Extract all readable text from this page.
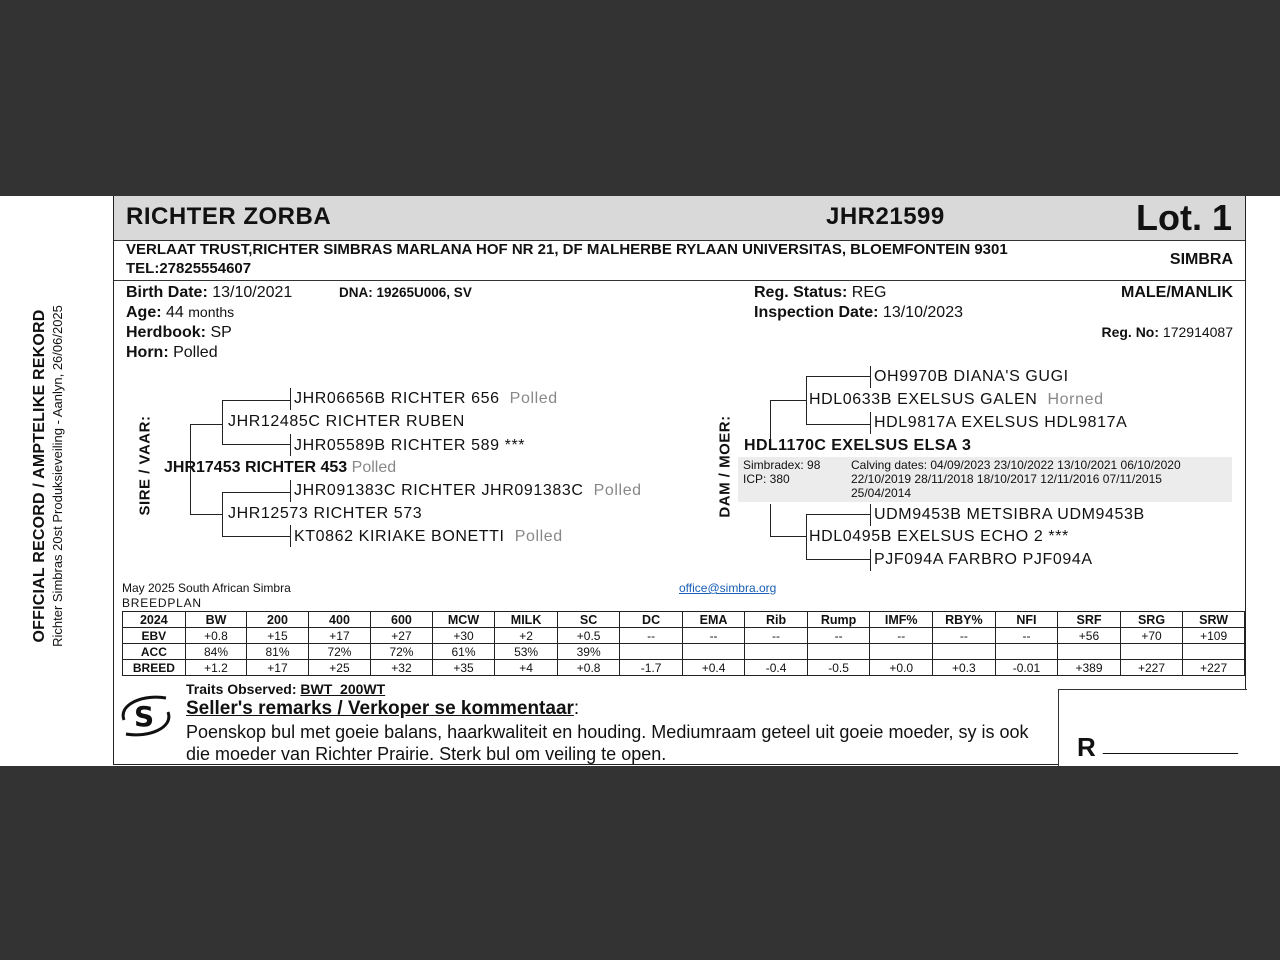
OFFICIAL RECORD / AMPTELIKE REKORD Richter Simbras 20st Produksieveiling - Aanlyn, 26/06/2025
RICHTER ZORBA	JHR21599	Lot. 1
VERLAAT TRUST,RICHTER SIMBRAS MARLANA HOF NR 21, DF MALHERBE RYLAAN UNIVERSITAS, BLOEMFONTEIN 9301 TEL:27825554607
SIMBRA
Birth Date: 13/10/2021	DNA: 19265U006, SV
Age: 44 months
Herdbook: SP
Horn: Polled
Reg. Status: REG
Inspection Date: 13/10/2023
MALE/MANLIK
Reg. No: 172914087
SIRE / VAAR:
JHR06656B RICHTER 656 Polled
JHR12485C RICHTER RUBEN
JHR05589B RICHTER 589 ***
JHR17453 RICHTER 453 Polled
JHR091383C RICHTER JHR091383C Polled
JHR12573 RICHTER 573
KT0862 KIRIAKE BONETTI Polled
DAM / MOER:
OH9970B DIANA'S GUGI
HDL0633B EXELSUS GALEN Horned
HDL9817A EXELSUS HDL9817A
HDL1170C EXELSUS ELSA 3
Simbradex: 98
ICP: 380
Calving dates: 04/09/2023 23/10/2022 13/10/2021 06/10/2020
22/10/2019 28/11/2018 18/10/2017 12/11/2016 07/11/2015
25/04/2014
UDM9453B METSIBRA UDM9453B
HDL0495B EXELSUS ECHO 2 ***
PJF094A FARBRO PJF094A
May 2025 South African Simbra
BREEDPLAN
office@simbra.org
2024	BW	200	400	600	MCW	MILK	SC	DC	EMA	Rib	Rump	IMF%	RBY%	NFI	SRF	SRG	SRW
EBV	+0.8	+15	+17	+27	+30	+2	+0.5	--	--	--	--	--	--	--	+56	+70	+109
ACC	84%	81%	72%	72%	61%	53%	39%										
BREED	+1.2	+17	+25	+32	+35	+4	+0.8	-1.7	+0.4	-0.4	-0.5	+0.0	+0.3	-0.01	+389	+227	+227
S
Traits Observed: BWT  200WT
Seller's remarks / Verkoper se kommentaar:
Poenskop bul met goeie balans, haarkwaliteit en houding. Mediumraam geteel uit goeie moeder, sy is ook die moeder van Richter Prairie. Sterk bul om veiling te open.	R ________________
